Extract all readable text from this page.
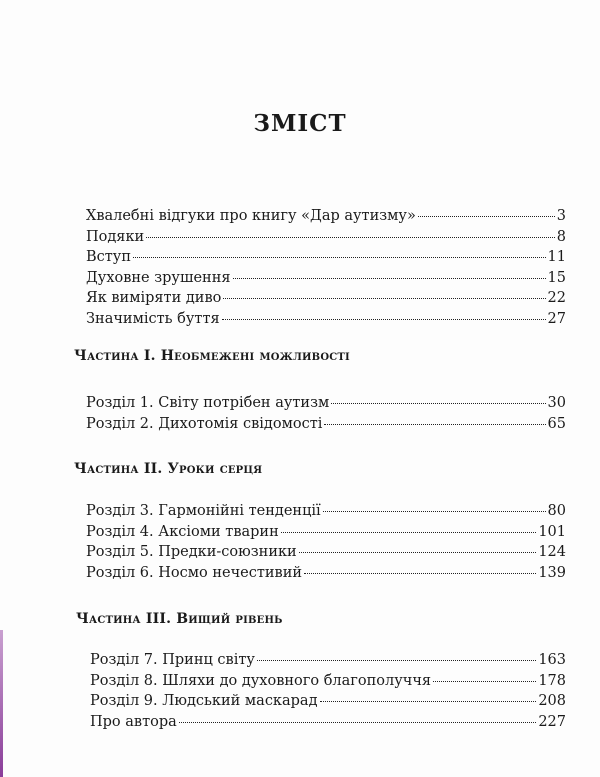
ЗМІСТ
Хвалебні відгуки про книгу «Дар аутизму»	3
Подяки	8
Вступ	11
Духовне зрушення	15
Як виміряти диво	22
Значимість буття	27
Частина I. Необмежені можливості
Розділ 1. Світу потрібен аутизм	30
Розділ 2. Дихотомія свідомості	65
Частина II. Уроки серця
Розділ 3. Гармонійні тенденції	80
Розділ 4. Аксіоми тварин	101
Розділ 5. Предки-союзники	124
Розділ 6. Носмо нечестивий	139
Частина III. Вищий рівень
Розділ 7. Принц світу	163
Розділ 8. Шляхи до духовного благополуччя	178
Розділ 9. Людський маскарад	208
Про автора	227
